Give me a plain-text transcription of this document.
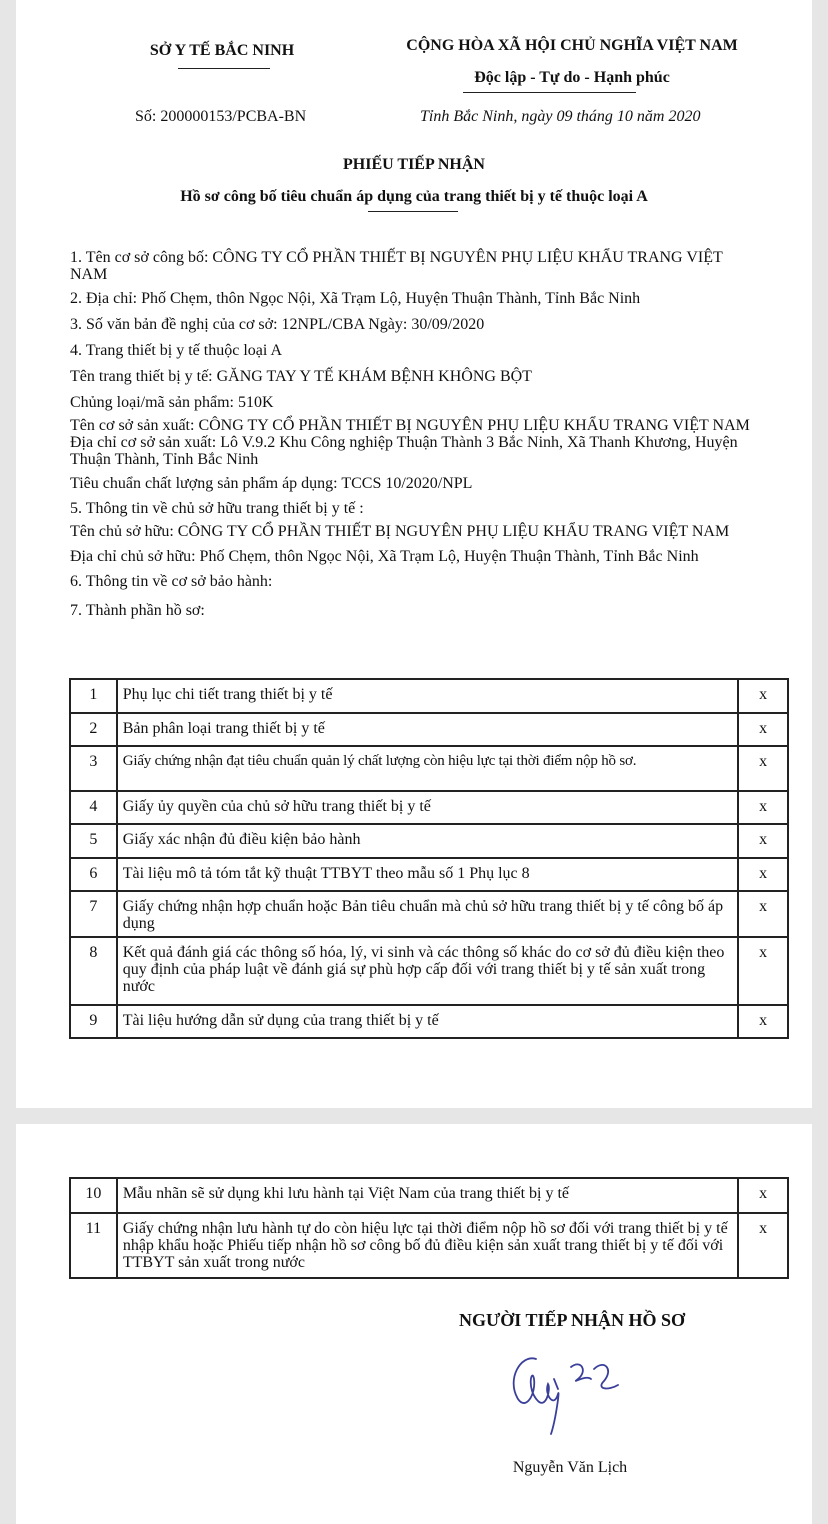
SỞ Y TẾ BẮC NINH	CỘNG HÒA XÃ HỘI CHỦ NGHĨA VIỆT NAM
Độc lập - Tự do - Hạnh phúc
Số: 200000153/PCBA-BN	Tỉnh Bắc Ninh, ngày 09 tháng 10 năm 2020
PHIẾU TIẾP NHẬN
Hồ sơ công bố tiêu chuẩn áp dụng của trang thiết bị y tế thuộc loại A

1. Tên cơ sở công bố: CÔNG TY CỔ PHẦN THIẾT BỊ NGUYÊN PHỤ LIỆU KHẨU TRANG VIỆT NAM

2. Địa chỉ: Phố Chẹm, thôn Ngọc Nội, Xã Trạm Lộ, Huyện Thuận Thành, Tỉnh Bắc Ninh

3. Số văn bản đề nghị của cơ sở: 12NPL/CBA Ngày: 30/09/2020

4. Trang thiết bị y tế thuộc loại A

Tên trang thiết bị y tế: GĂNG TAY Y TẾ KHÁM BỆNH KHÔNG BỘT

Chủng loại/mã sản phẩm: 510K

Tên cơ sở sản xuất: CÔNG TY CỔ PHẦN THIẾT BỊ NGUYÊN PHỤ LIỆU KHẨU TRANG VIỆT NAM

Địa chỉ cơ sở sản xuất: Lô V.9.2 Khu Công nghiệp Thuận Thành 3 Bắc Ninh, Xã Thanh Khương, Huyện Thuận Thành, Tỉnh Bắc Ninh

Tiêu chuẩn chất lượng sản phẩm áp dụng: TCCS 10/2020/NPL

5. Thông tin về chủ sở hữu trang thiết bị y tế :

Tên chủ sở hữu: CÔNG TY CỔ PHẦN THIẾT BỊ NGUYÊN PHỤ LIỆU KHẨU TRANG VIỆT NAM

Địa chỉ chủ sở hữu: Phố Chẹm, thôn Ngọc Nội, Xã Trạm Lộ, Huyện Thuận Thành, Tỉnh Bắc Ninh

6. Thông tin về cơ sở bảo hành:

7. Thành phần hồ sơ:

1	Phụ lục chi tiết trang thiết bị y tế	x
2	Bản phân loại trang thiết bị y tế	x
3	Giấy chứng nhận đạt tiêu chuẩn quản lý chất lượng còn hiệu lực tại thời điểm nộp hồ sơ.	x
4	Giấy ủy quyền của chủ sở hữu trang thiết bị y tế	x
5	Giấy xác nhận đủ điều kiện bảo hành	x
6	Tài liệu mô tả tóm tắt kỹ thuật TTBYT theo mẫu số 1 Phụ lục 8	x
7	Giấy chứng nhận hợp chuẩn hoặc Bản tiêu chuẩn mà chủ sở hữu trang thiết bị y tế công bố áp dụng	x
8	Kết quả đánh giá các thông số hóa, lý, vi sinh và các thông số khác do cơ sở đủ điều kiện theo quy định của pháp luật về đánh giá sự phù hợp cấp đối với trang thiết bị y tế sản xuất trong nước	x
9	Tài liệu hướng dẫn sử dụng của trang thiết bị y tế	x
10	Mẫu nhãn sẽ sử dụng khi lưu hành tại Việt Nam của trang thiết bị y tế	x
11	Giấy chứng nhận lưu hành tự do còn hiệu lực tại thời điểm nộp hồ sơ đối với trang thiết bị y tế nhập khẩu hoặc Phiếu tiếp nhận hồ sơ công bố đủ điều kiện sản xuất trang thiết bị y tế đối với TTBYT sản xuất trong nước	x
NGƯỜI TIẾP NHẬN HỒ SƠ
Nguyễn Văn Lịch
